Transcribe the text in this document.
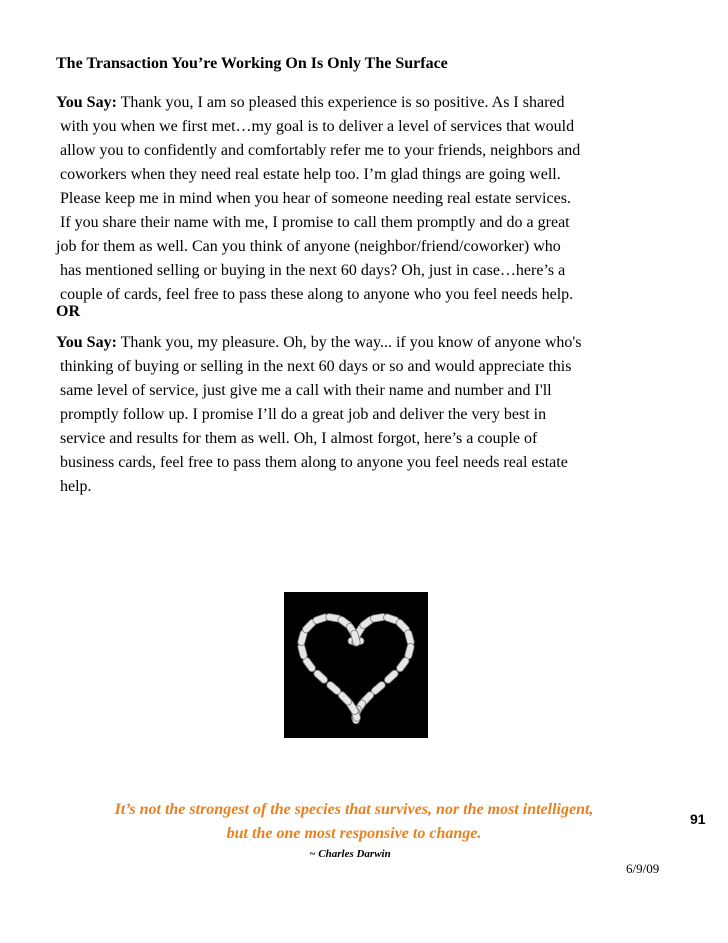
The Transaction You’re Working On Is Only The Surface

You Say: Thank you, I am so pleased this experience is so positive. As I shared
with you when we first met…my goal is to deliver a level of services that would
allow you to confidently and comfortably refer me to your friends, neighbors and
coworkers when they need real estate help too. I’m glad things are going well.
Please keep me in mind when you hear of someone needing real estate services.
If you share their name with me, I promise to call them promptly and do a great
job for them as well. Can you think of anyone (neighbor/friend/coworker) who
has mentioned selling or buying in the next 60 days? Oh, just in case…here’s a
couple of cards, feel free to pass these along to anyone who you feel needs help.

OR

You Say: Thank you, my pleasure. Oh, by the way... if you know of anyone who's
thinking of buying or selling in the next 60 days or so and would appreciate this
same level of service, just give me a call with their name and number and I'll
promptly follow up. I promise I’ll do a great job and deliver the very best in
service and results for them as well. Oh, I almost forgot, here’s a couple of
business cards, feel free to pass them along to anyone you feel needs real estate
help.
It’s not the strongest of the species that survives, nor the most intelligent,
but the one most responsive to change.

~ Charles Darwin

91

6/9/09
